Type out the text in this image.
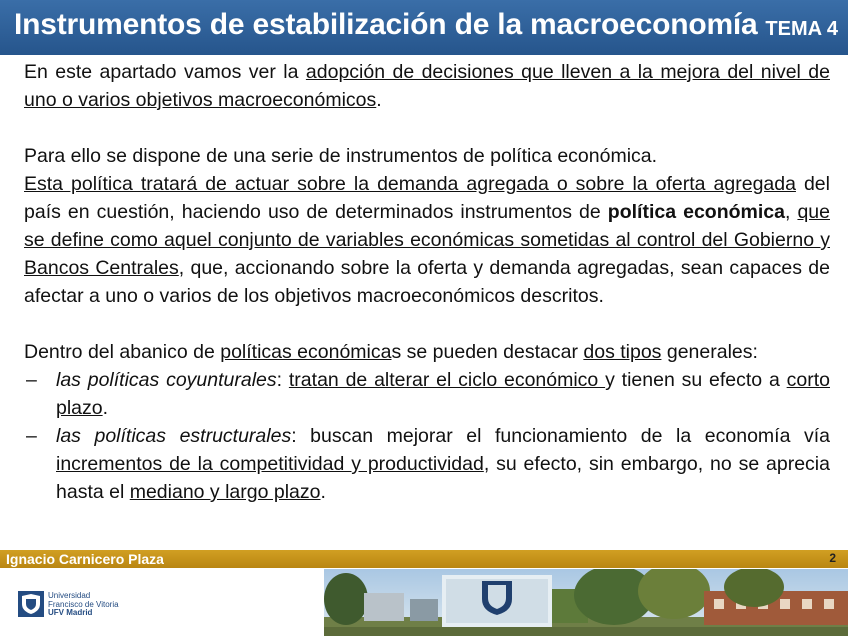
Instrumentos de estabilización de la macroeconomía TEMA 4

En este apartado vamos ver la adopción de decisiones que lleven a la mejora del nivel de uno o varios objetivos macroeconómicos.

Para ello se dispone de una serie de instrumentos de política económica.

Esta política tratará de actuar sobre la demanda agregada o sobre la oferta agregada del país en cuestión, haciendo uso de determinados instrumentos de política económica, que se define como aquel conjunto de variables económicas sometidas al control del Gobierno y Bancos Centrales, que, accionando sobre la oferta y demanda agregadas, sean capaces de afectar a uno o varios de los objetivos macroeconómicos descritos.

Dentro del abanico de políticas económicas se pueden destacar dos tipos generales:

– las políticas coyunturales: tratan de alterar el ciclo económico y tienen su efecto a corto plazo.
– las políticas estructurales: buscan mejorar el funcionamiento de la economía vía incrementos de la competitividad y productividad, su efecto, sin embargo, no se aprecia hasta el mediano y largo plazo.
Ignacio Carnicero Plaza	2
Universidad
Francisco de Vitoria
UFV Madrid
